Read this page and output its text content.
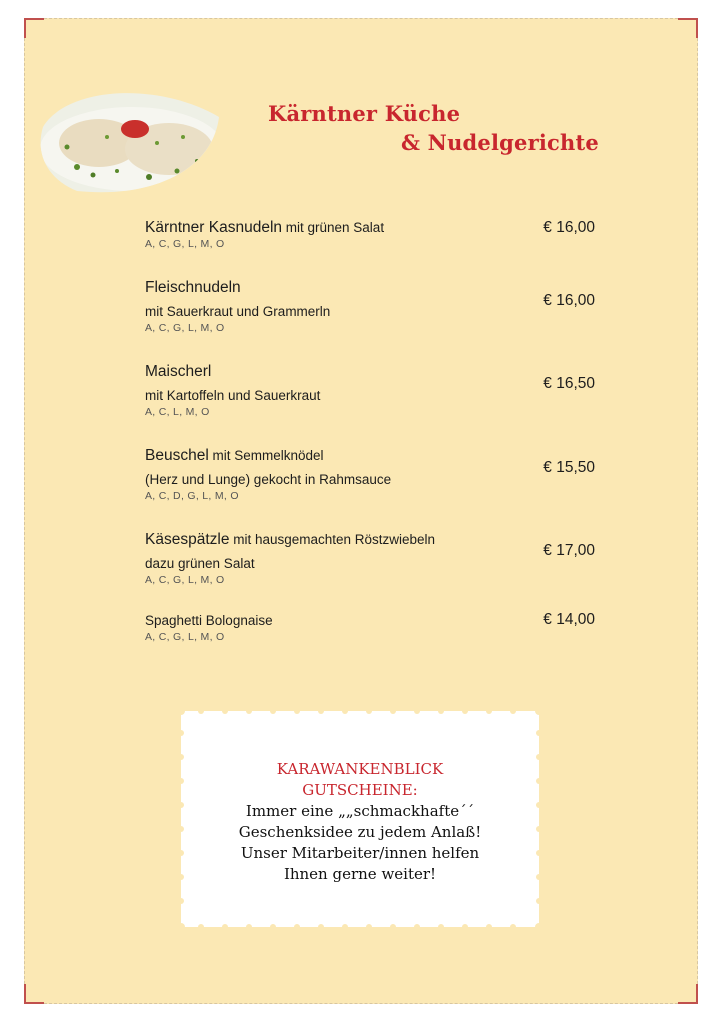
Kärntner Küche
& Nudelgerichte
Kärntner Kasnudeln mit grünen Salat
A, C, G, L, M, O
€ 16,00
Fleischnudeln
mit Sauerkraut und Grammerln
A, C, G, L, M, O
€ 16,00
Maischerl
mit Kartoffeln und Sauerkraut
A, C, L, M, O
€ 16,50
Beuschel mit Semmelknödel
(Herz und Lunge) gekocht in Rahmsauce
A, C, D, G, L, M, O
€ 15,50
Käsespätzle mit hausgemachten Röstzwiebeln
dazu grünen Salat
A, C, G, L, M, O
€ 17,00
Spaghetti Bolognaise
A, C, G, L, M, O
€ 14,00
KARAWANKENBLICK
GUTSCHEINE:
Immer eine „„schmackhafte´´
Geschenksidee zu jedem Anlaß!
Unser Mitarbeiter/innen helfen
Ihnen gerne weiter!
